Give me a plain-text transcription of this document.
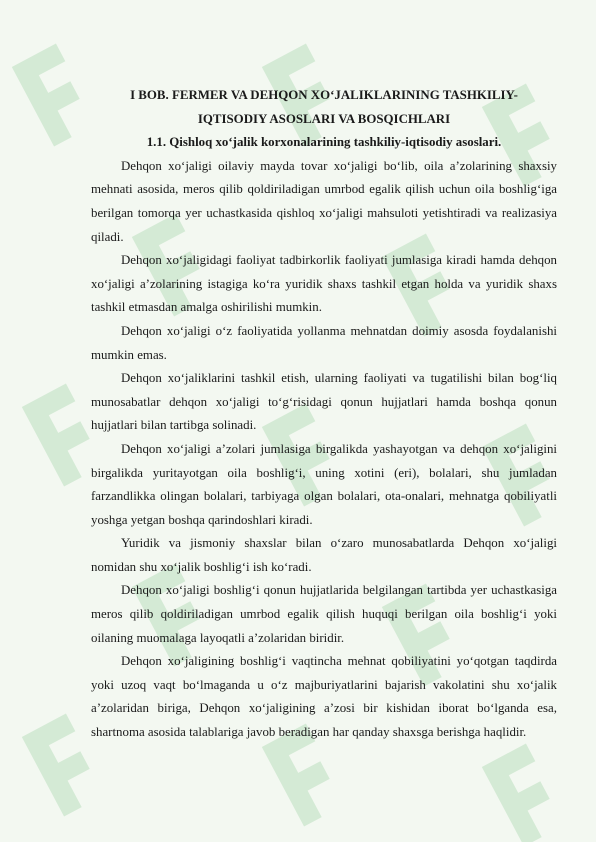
I BOB. FERMER VA DEHQON XO‘JALIKLARINING TASHKILIY-IQTISODIY ASOSLARI VA BOSQICHLARI
1.1. Qishloq xo‘jalik korxonalarining tashkiliy-iqtisodiy asoslari.

Dehqon xo‘jaligi oilaviy mayda tovar xo‘jaligi bo‘lib, oila a’zolarining shaxsiy mehnati asosida, meros qilib qoldiriladigan umrbod egalik qilish uchun oila boshlig‘iga berilgan tomorqa yer uchastkasida qishloq xo‘jaligi mahsuloti yetishtiradi va realizasiya qiladi.

Dehqon xo‘jaligidagi faoliyat tadbirkorlik faoliyati jumlasiga kiradi hamda dehqon xo‘jaligi a’zolarining istagiga ko‘ra yuridik shaxs tashkil etgan holda va yuridik shaxs tashkil etmasdan amalga oshirilishi mumkin.

Dehqon xo‘jaligi o‘z faoliyatida yollanma mehnatdan doimiy asosda foydalanishi mumkin emas.

Dehqon xo‘jaliklarini tashkil etish, ularning faoliyati va tugatilishi bilan bog‘liq munosabatlar dehqon xo‘jaligi to‘g‘risidagi qonun hujjatlari hamda boshqa qonun hujjatlari bilan tartibga solinadi.

Dehqon xo‘jaligi a’zolari jumlasiga birgalikda yashayotgan va dehqon xo‘jaligini birgalikda yuritayotgan oila boshlig‘i, uning xotini (eri), bolalari, shu jumladan farzandlikka olingan bolalari, tarbiyaga olgan bolalari, ota-onalari, mehnatga qobiliyatli yoshga yetgan boshqa qarindoshlari kiradi.

Yuridik va jismoniy shaxslar bilan o‘zaro munosabatlarda Dehqon xo‘jaligi nomidan shu xo‘jalik boshlig‘i ish ko‘radi.

Dehqon xo‘jaligi boshlig‘i qonun hujjatlarida belgilangan tartibda yer uchastkasiga meros qilib qoldiriladigan umrbod egalik qilish huquqi berilgan oila boshlig‘i yoki oilaning muomalaga layoqatli a’zolaridan biridir.

Dehqon xo‘jaligining boshlig‘i vaqtincha mehnat qobiliyatini yo‘qotgan taqdirda yoki uzoq vaqt bo‘lmaganda u o‘z majburiyatlarini bajarish vakolatini shu xo‘jalik a’zolaridan biriga, Dehqon xo‘jaligining a’zosi bir kishidan iborat bo‘lganda esa, shartnoma asosida talablariga javob beradigan har qanday shaxsga berishga haqlidir.
